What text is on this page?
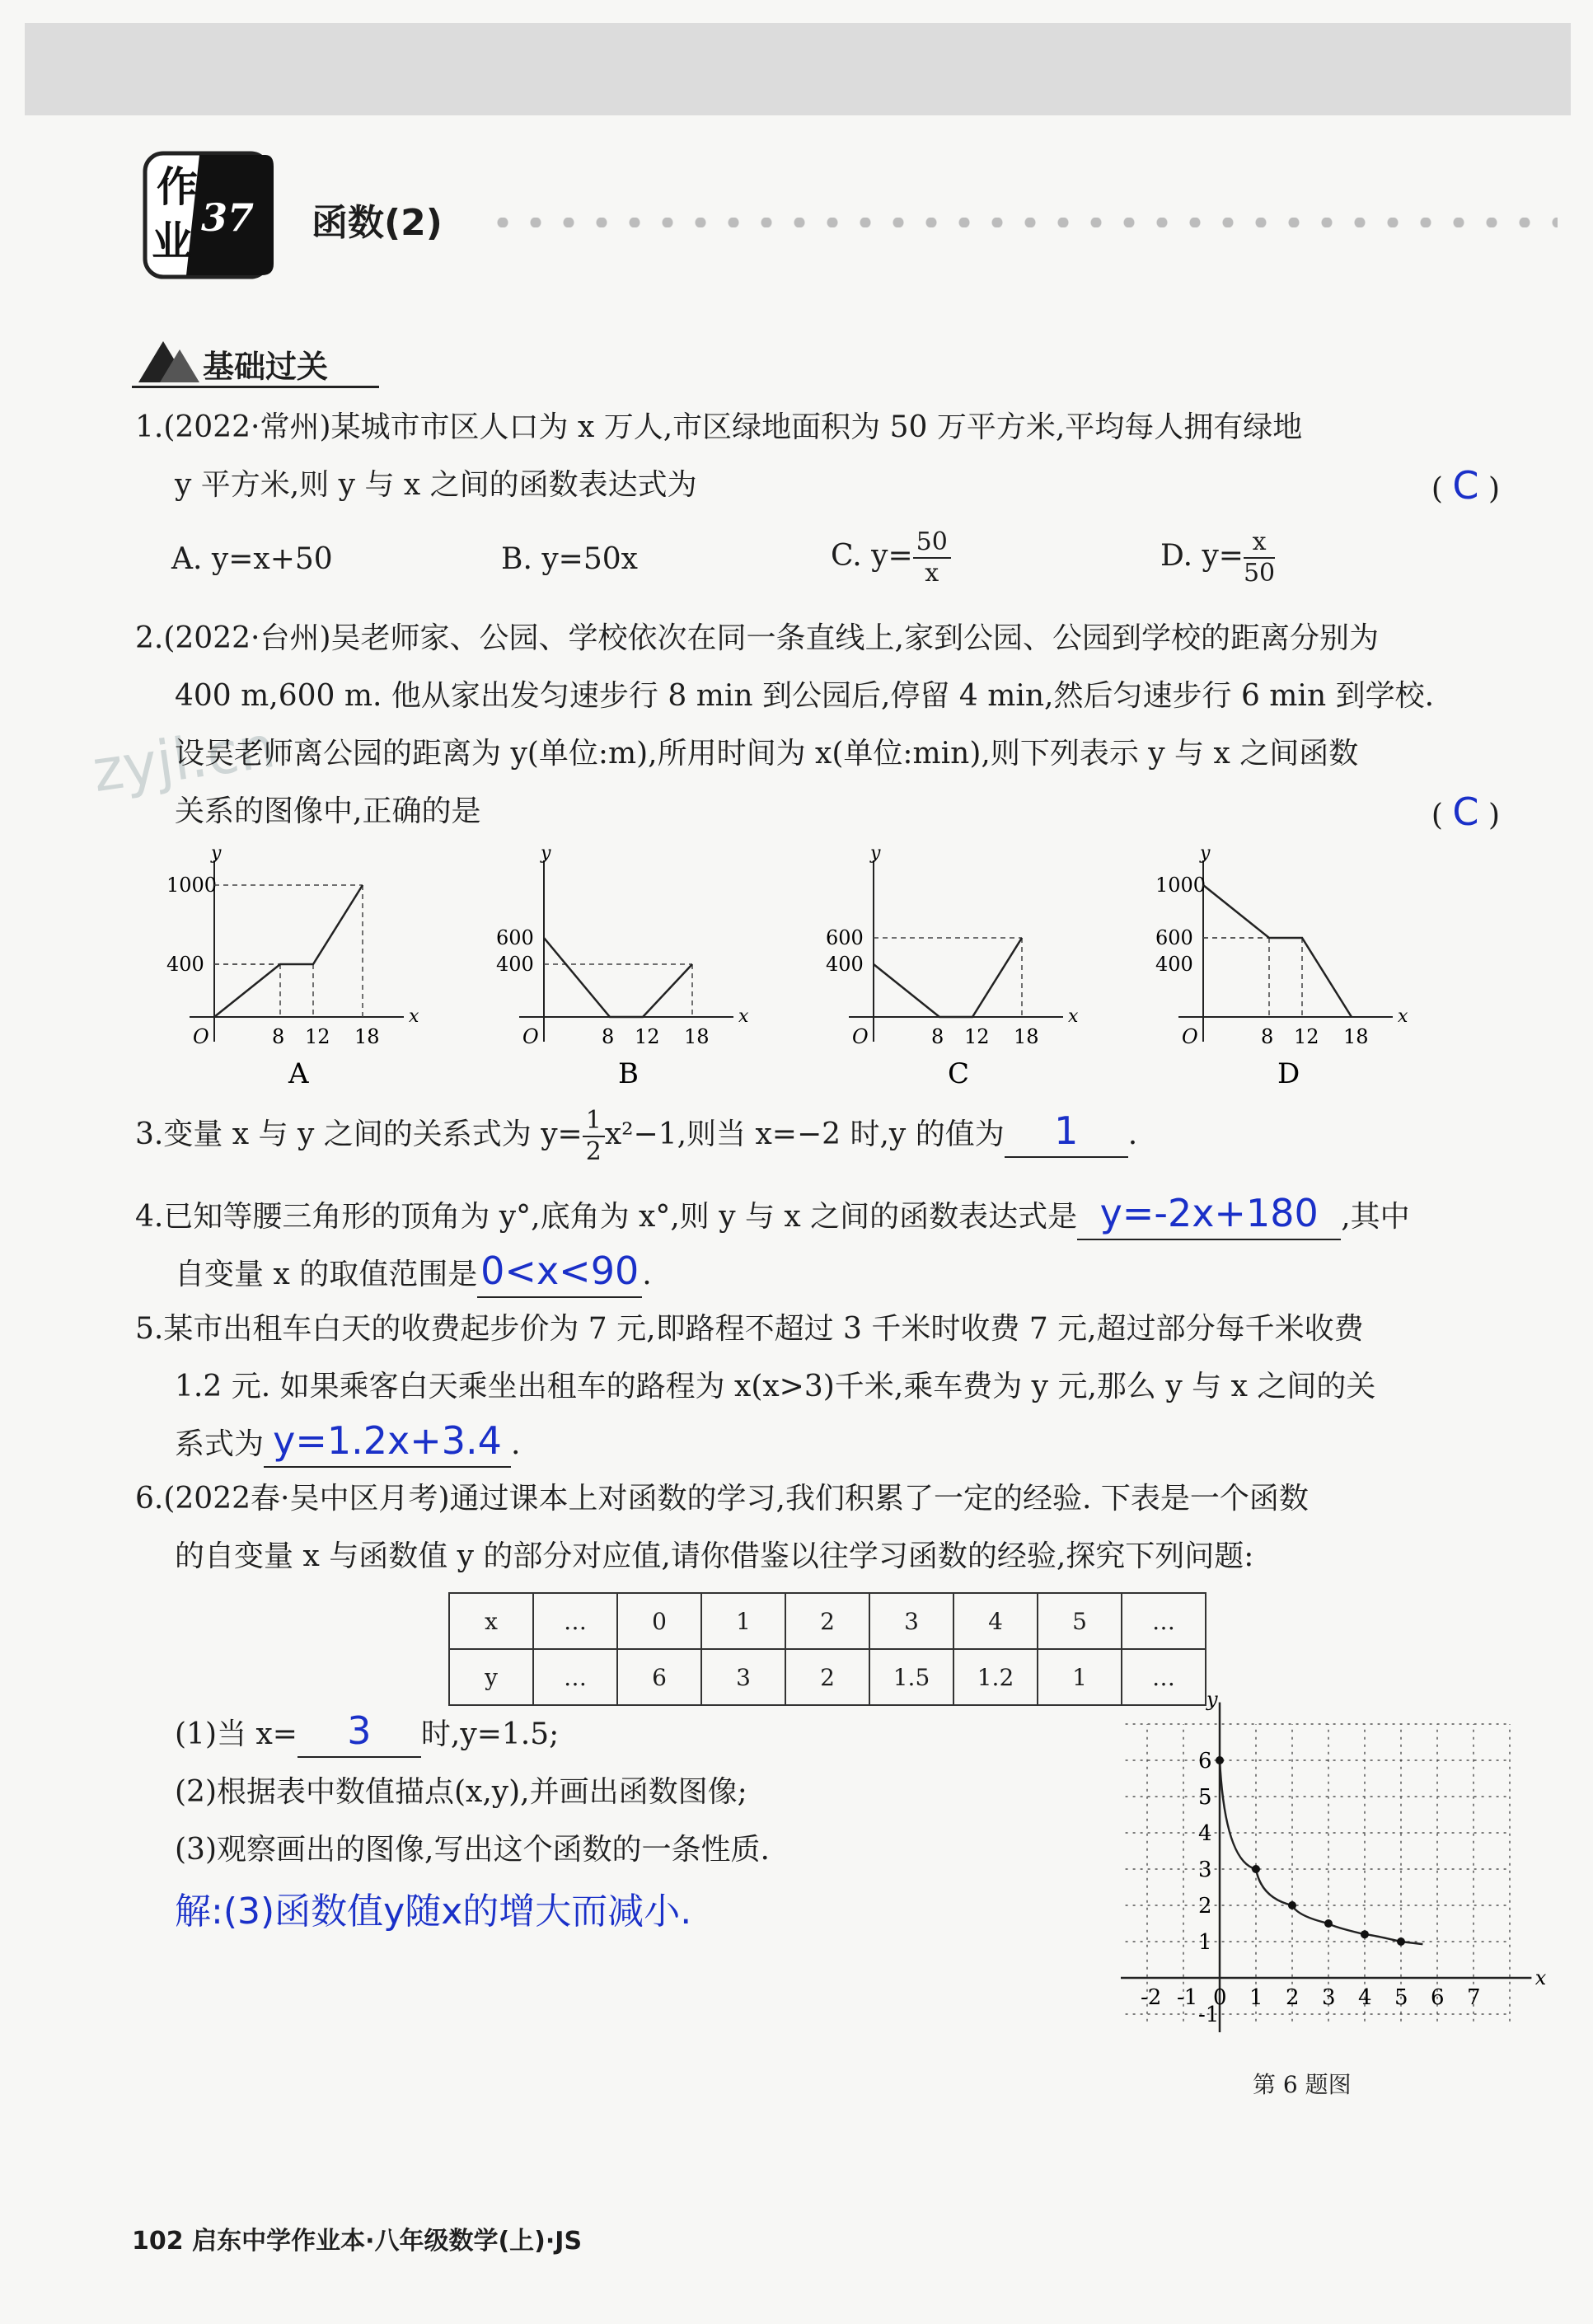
作
业 37 函数(2)
基础过关
zyjl.cn

1.(2022·常州)某城市市区人口为 x 万人,市区绿地面积为 50 万平方米,平均每人拥有绿地

y 平方米,则 y 与 x 之间的函数表达式为	( C )

A. y=x+50	B. y=50x	C. $y= \frac{50}{x}$	D. $y= \frac{x}{50}$

2.(2022·台州)吴老师家、公园、学校依次在同一条直线上,家到公园、公园到学校的距离分别为

400 m,600 m. 他从家出发匀速步行 8 min 到公园后,停留 4 min,然后匀速步行 6 min 到学校.

设吴老师离公园的距离为 y(单位:m),所用时间为 x(单位:min),则下列表示 y 与 x 之间函数

关系的图像中,正确的是	( C )

x
y
O	8 12 18
1000
400
A
x
y
O	8 12 18
600
400
B
x
y
O	8 12 18
600
400
C
x
y
O	8 12 18
1000
600
400
D

3.变量 x 与 y 之间的关系式为 $y= \frac{1}{2} x^2-1$,则当 x=−2 时,y 的值为 1 .

4.已知等腰三角形的顶角为 y°,底角为 x°,则 y 与 x 之间的函数表达式是 y=-2x+180 ,其中

自变量 x 的取值范围是0<x<90 .

5.某市出租车白天的收费起步价为 7 元,即路程不超过 3 千米时收费 7 元,超过部分每千米收费

1.2 元. 如果乘客白天乘坐出租车的路程为 x(x>3)千米,乘车费为 y 元,那么 y 与 x 之间的关

系式为 y=1.2x+3.4 .

6.(2022春·吴中区月考)通过课本上对函数的学习,我们积累了一定的经验. 下表是一个函数

的自变量 x 与函数值 y 的部分对应值,请你借鉴以往学习函数的经验,探究下列问题:

x	…	0	1	2	3	4	5	…
y	…	6	3	2	1.5	1.2	1	…

(1)当 x= 3 时,y=1.5;

(2)根据表中数值描点(x,y),并画出函数图像;

(3)观察画出的图像,写出这个函数的一条性质.

解:(3)函数值y随x的增大而减小.

x
y
-2 -1 0 1 2 3 4 5 6 7
6
5
4
3
2
1
-1
第 6 题图
102 启东中学作业本·八年级数学(上)·JS
